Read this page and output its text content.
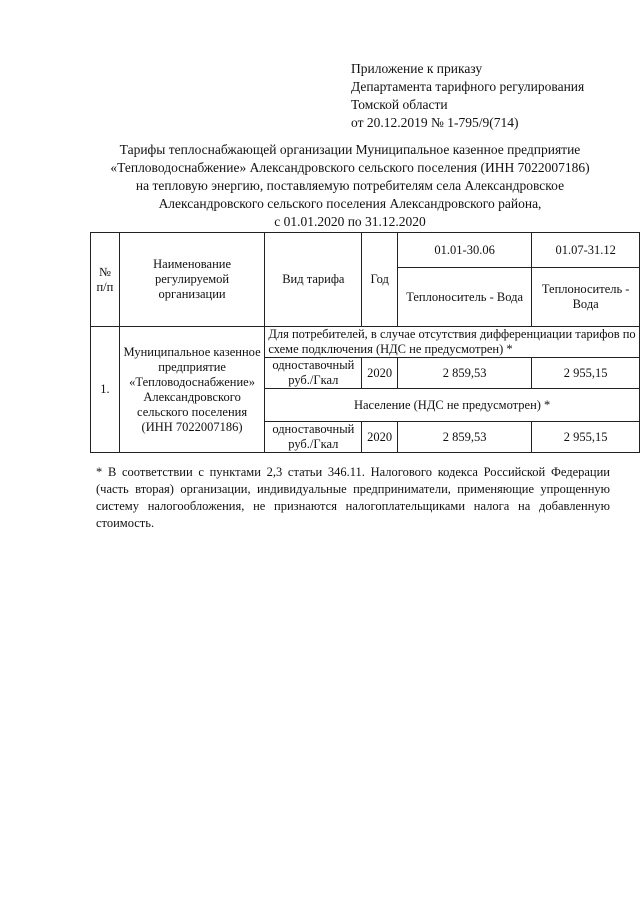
Приложение к приказу
Департамента тарифного регулирования
Томской области
от 20.12.2019 № 1-795/9(714)
Тарифы теплоснабжающей организации Муниципальное казенное предприятие
«Тепловодоснабжение» Александровского сельского поселения (ИНН 7022007186)
на тепловую энергию, поставляемую потребителям села Александровское
Александровского сельского поселения Александровского района,
с 01.01.2020 по 31.12.2020
№ п/п	Наименование регулируемой организации	Вид тарифа	Год	01.01-30.06	01.07-31.12
				Теплоноситель - Вода	Теплоноситель - Вода
1.	Муниципальное казенное предприятие «Тепловодоснабжение» Александровского сельского поселения (ИНН 7022007186)	Для потребителей, в случае отсутствия дифференциации тарифов по схеме подключения (НДС не предусмотрен) *			
		одноставочный руб./Гкал	2020	2 859,53	2 955,15
		Население (НДС не предусмотрен) *			
		одноставочный руб./Гкал	2020	2 859,53	2 955,15
* В соответствии с пунктами 2,3 статьи 346.11. Налогового кодекса Российской Федерации (часть вторая) организации, индивидуальные предприниматели, применяющие упрощенную систему налогообложения, не признаются налогоплательщиками налога на добавленную стоимость.
